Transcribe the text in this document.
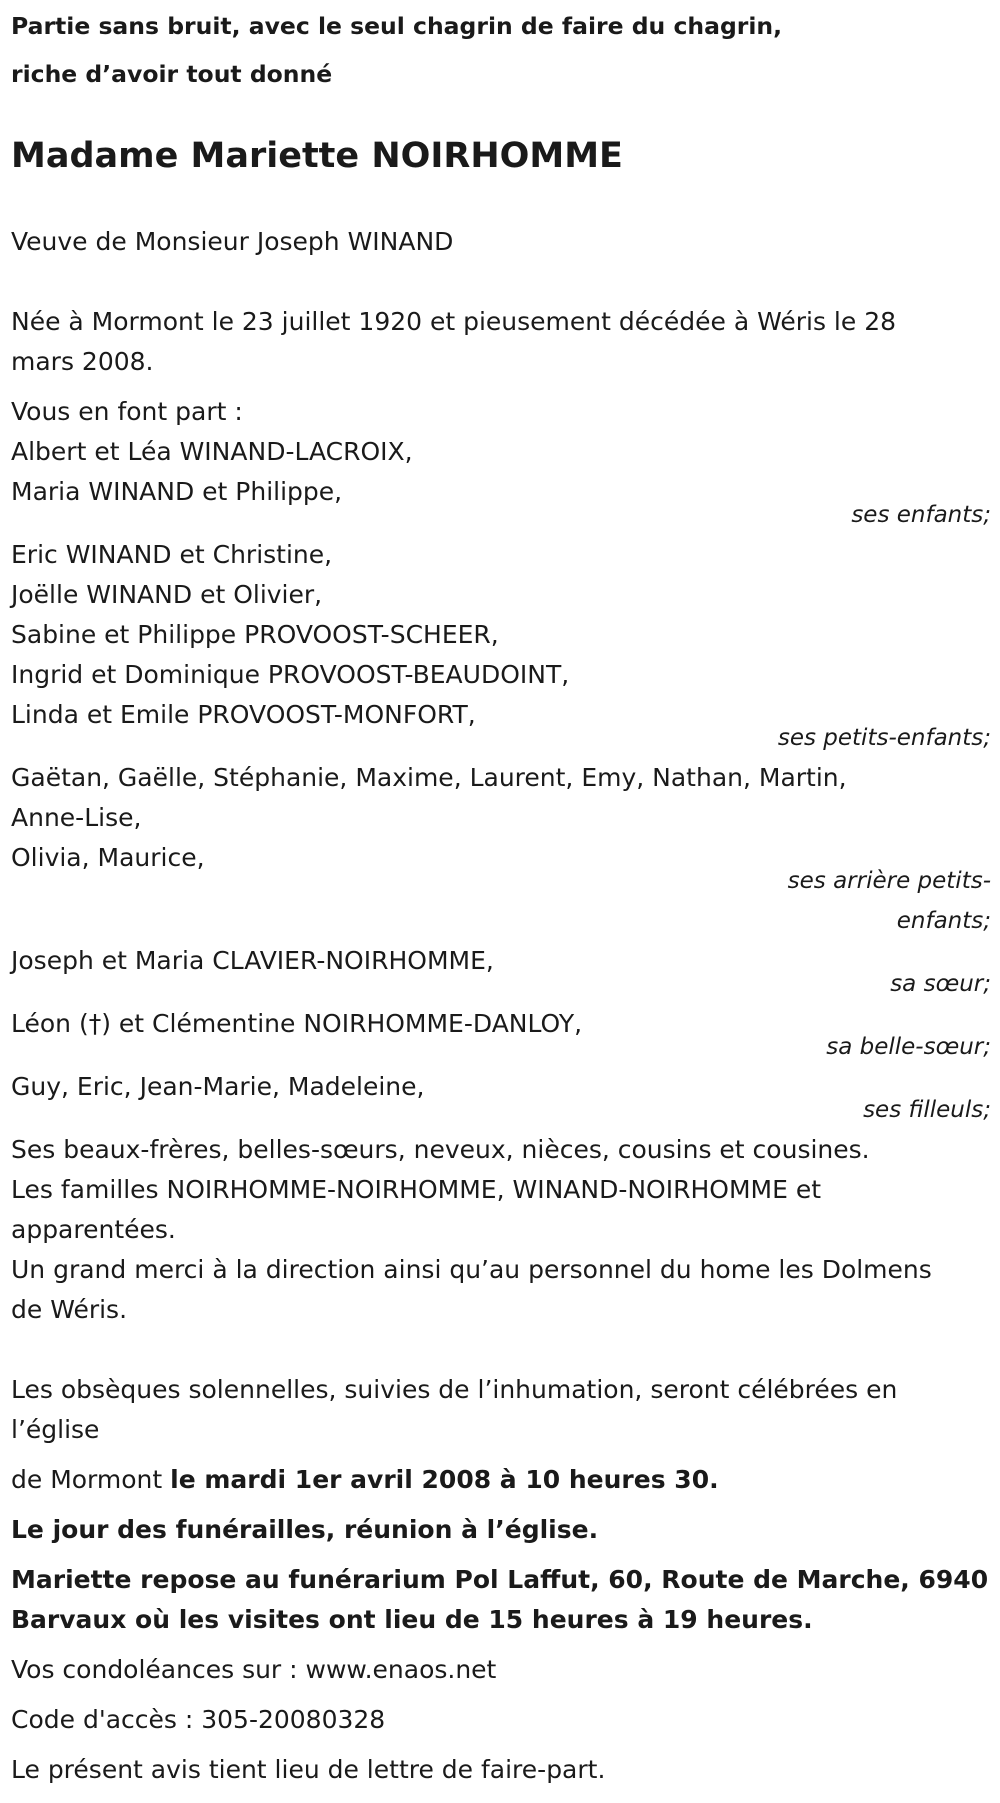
Partie sans bruit, avec le seul chagrin de faire du chagrin,
riche d’avoir tout donné
Madame Mariette NOIRHOMME
Veuve de Monsieur Joseph WINAND
Née à Mormont le 23 juillet 1920 et pieusement décédée à Wéris le 28
mars 2008.
Vous en font part :
Albert et Léa WINAND-LACROIX,
Maria WINAND et Philippe,
ses enfants;
Eric WINAND et Christine,
Joëlle WINAND et Olivier,
Sabine et Philippe PROVOOST-SCHEER,
Ingrid et Dominique PROVOOST-BEAUDOINT,
Linda et Emile PROVOOST-MONFORT,
ses petits-enfants;
Gaëtan, Gaëlle, Stéphanie, Maxime, Laurent, Emy, Nathan, Martin,
Anne-Lise,
Olivia, Maurice,
ses arrière petits-
enfants;
Joseph et Maria CLAVIER-NOIRHOMME,
sa sœur;
Léon (†) et Clémentine NOIRHOMME-DANLOY,
sa belle-sœur;
Guy, Eric, Jean-Marie, Madeleine,
ses filleuls;
Ses beaux-frères, belles-sœurs, neveux, nièces, cousins et cousines.
Les familles NOIRHOMME-NOIRHOMME, WINAND-NOIRHOMME et
apparentées.
Un grand merci à la direction ainsi qu’au personnel du home les Dolmens
de Wéris.
Les obsèques solennelles, suivies de l’inhumation, seront célébrées en
l’église
de Mormont le mardi 1er avril 2008 à 10 heures 30.
Le jour des funérailles, réunion à l’église.
Mariette repose au funérarium Pol Laffut, 60, Route de Marche, 6940
Barvaux où les visites ont lieu de 15 heures à 19 heures.
Vos condoléances sur : www.enaos.net
Code d'accès : 305-20080328
Le présent avis tient lieu de lettre de faire-part.
